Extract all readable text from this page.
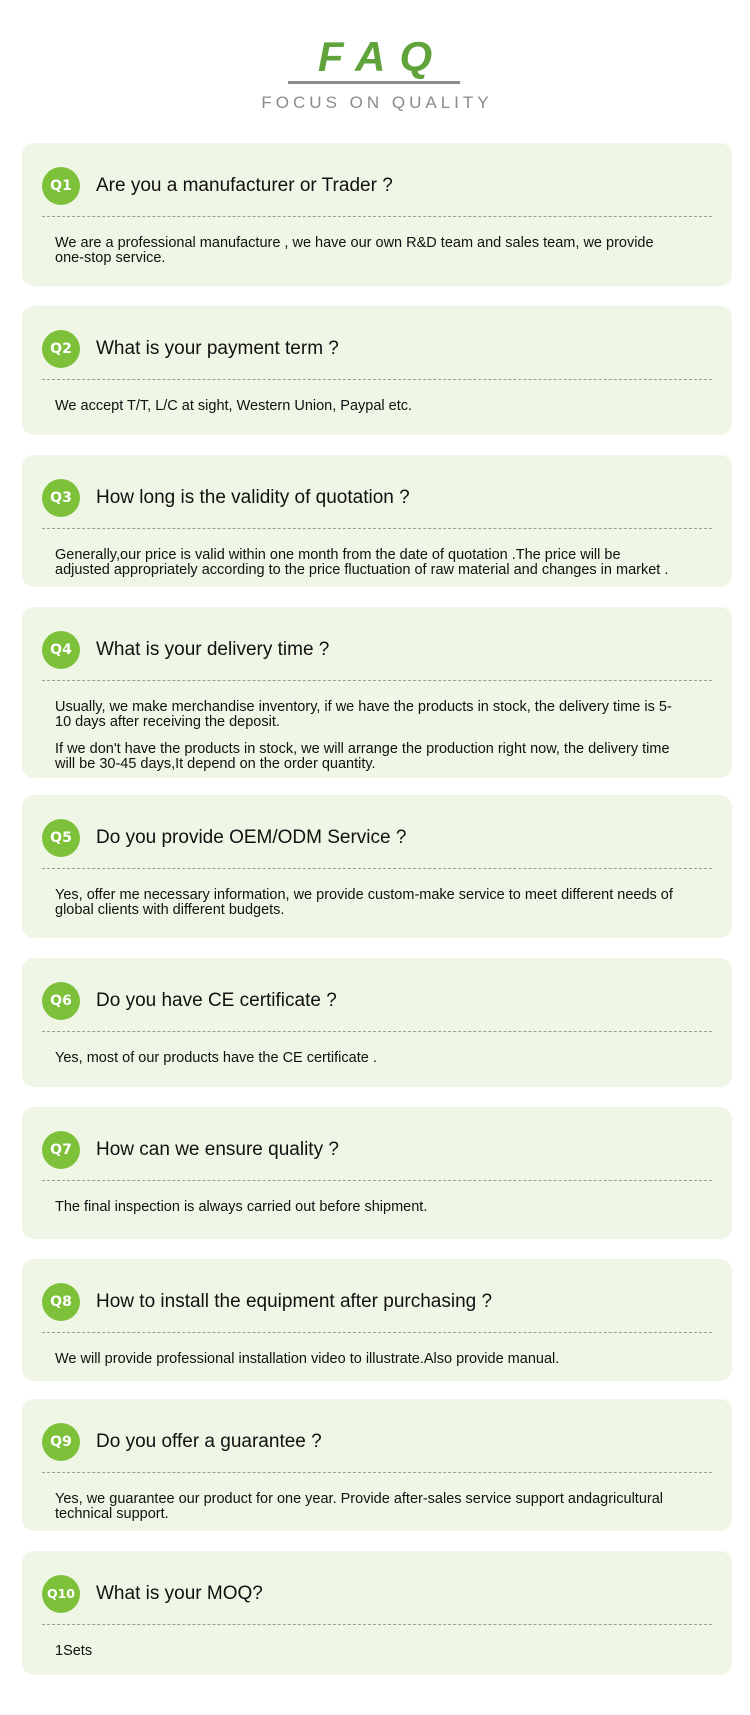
FAQ
FOCUS ON QUALITY
Q1	Are you a manufacturer or Trader ?

We are a professional manufacture , we have our own R&D team and sales team, we provide one-stop service.

Q2	What is your payment term ?

We accept T/T, L/C at sight, Western Union, Paypal etc.

Q3	How long is the validity of quotation ?

Generally,our price is valid within one month from the date of quotation .The price will be adjusted appropriately according to the price fluctuation of raw material and changes in market .

Q4	What is your delivery time ?

Usually, we make merchandise inventory, if we have the products in stock, the delivery time is 5-10 days after receiving the deposit.

If we don't have the products in stock, we will arrange the production right now, the delivery time will be 30-45 days,It depend on the order quantity.

Q5	Do you provide OEM/ODM Service ?

Yes, offer me necessary information, we provide custom-make service to meet different needs of global clients with different budgets.

Q6	Do you have CE certificate ?

Yes, most of our products have the CE certificate .

Q7	How can we ensure quality ?

The final inspection is always carried out before shipment.

Q8	How to install the equipment after purchasing ?

We will provide professional installation video to illustrate.Also provide manual.

Q9	Do you offer a guarantee ?

Yes, we guarantee our product for one year. Provide after-sales service support andagricultural technical support.

Q10 What is your MOQ?

1Sets
